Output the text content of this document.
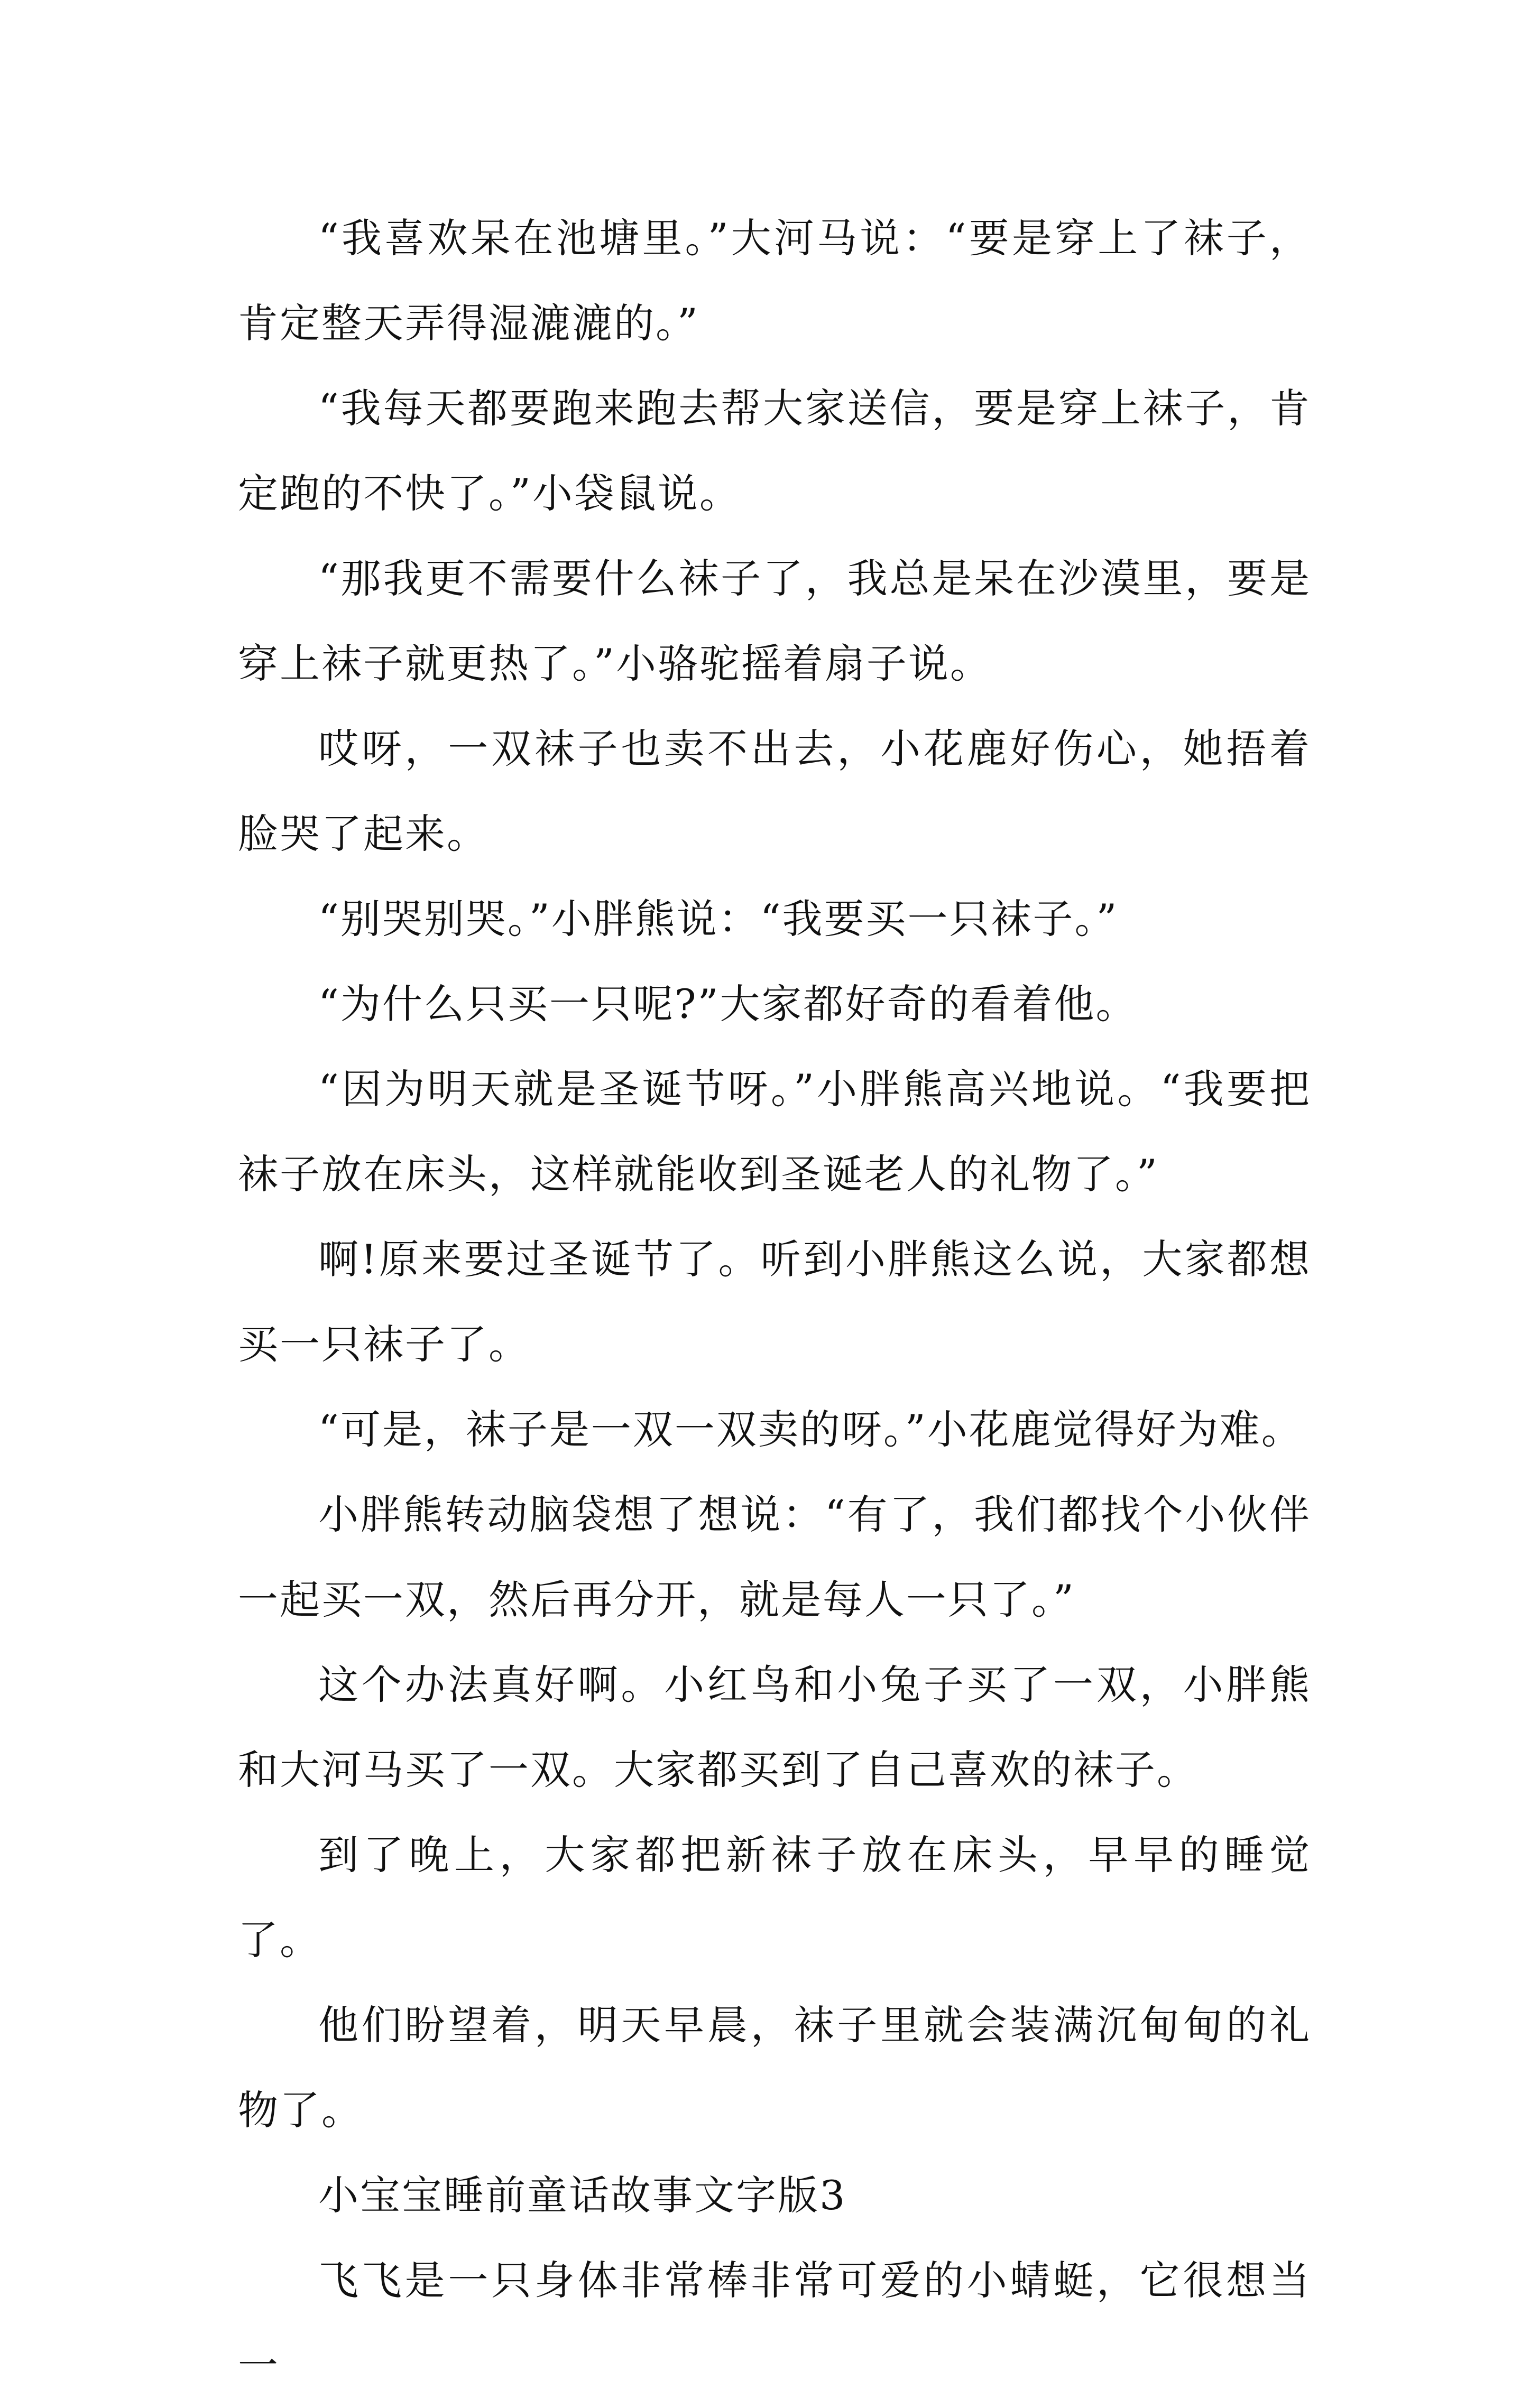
“我喜欢呆在池塘里。”大河马说：“要是穿上了袜子，肯定整天弄得湿漉漉的。”

“我每天都要跑来跑去帮大家送信，要是穿上袜子，肯定跑的不快了。”小袋鼠说。

“那我更不需要什么袜子了，我总是呆在沙漠里，要是穿上袜子就更热了。”小骆驼摇着扇子说。

哎呀，一双袜子也卖不出去，小花鹿好伤心，她捂着脸哭了起来。

“别哭别哭。”小胖熊说：“我要买一只袜子。”

“为什么只买一只呢?”大家都好奇的看着他。

“因为明天就是圣诞节呀。”小胖熊高兴地说。“我要把袜子放在床头，这样就能收到圣诞老人的礼物了。”

啊!原来要过圣诞节了。听到小胖熊这么说，大家都想买一只袜子了。

“可是，袜子是一双一双卖的呀。”小花鹿觉得好为难。

小胖熊转动脑袋想了想说：“有了，我们都找个小伙伴一起买一双，然后再分开，就是每人一只了。”

这个办法真好啊。小红鸟和小兔子买了一双，小胖熊和大河马买了一双。大家都买到了自己喜欢的袜子。

到了晚上，大家都把新袜子放在床头，早早的睡觉了。

他们盼望着，明天早晨，袜子里就会装满沉甸甸的礼物了。

小宝宝睡前童话故事文字版3

飞飞是一只身体非常棒非常可爱的小蜻蜓，它很想当一
